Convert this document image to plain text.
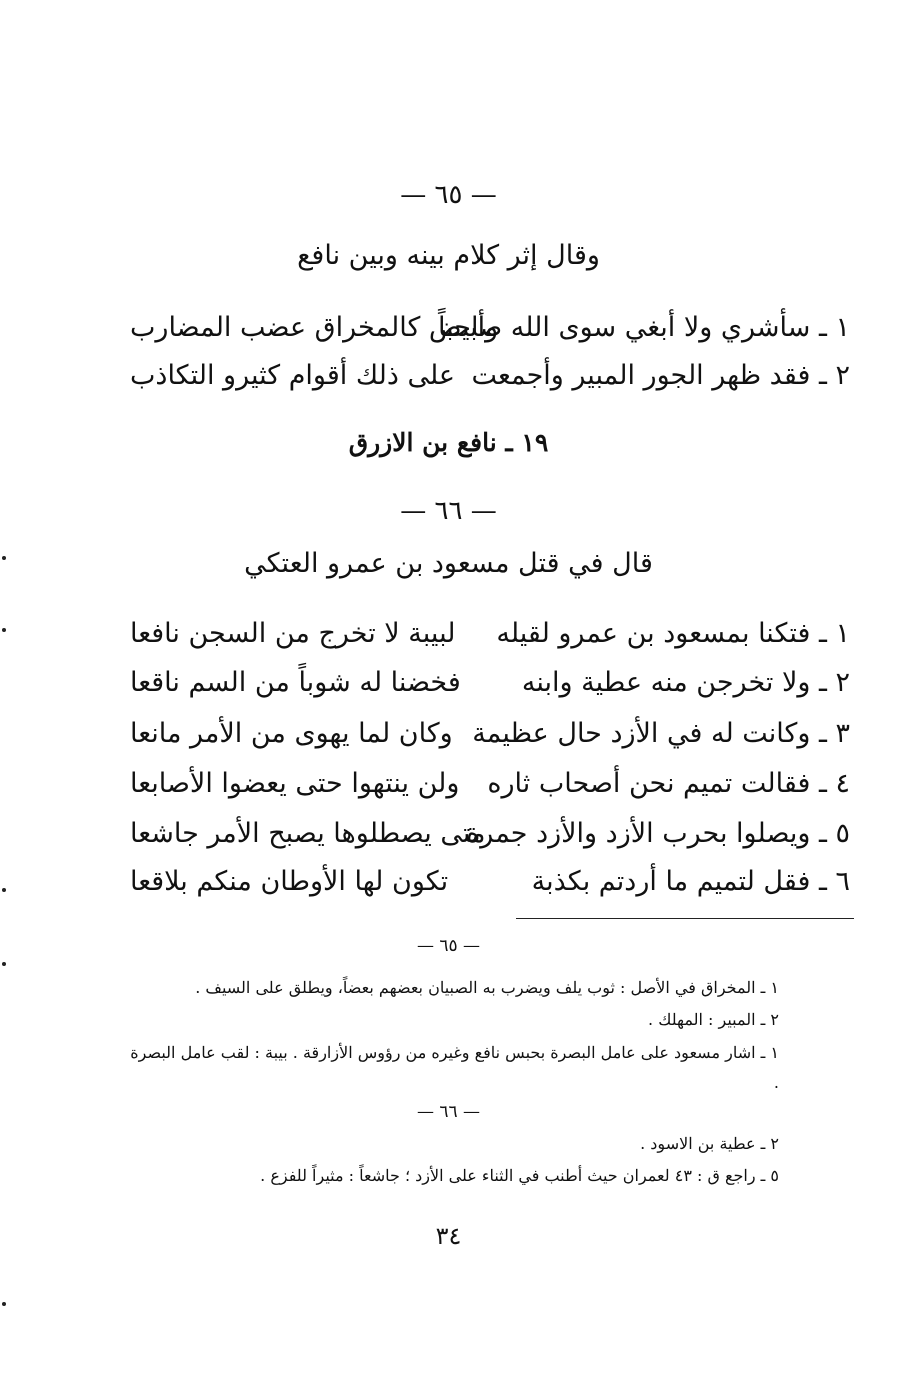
— ٦٥ —
وقال إثر كلام بينه وبين نافع
١ ـ سأشري ولا أبغي سوى الله صاحباً
وأبيض كالمخراق عضب المضارب
٢ ـ فقد ظهر الجور المبير وأجمعت
على ذلك أقوام كثيرو التكاذب
١٩ ـ نافع بن الازرق
— ٦٦ —
قال في قتل مسعود بن عمرو العتكي
١ ـ فتكنا بمسعود بن عمرو لقيله
لبيبة لا تخرج من السجن نافعا
٢ ـ ولا تخرجن منه عطية وابنه
فخضنا له شوباً من السم ناقعا
٣ ـ وكانت له في الأزد حال عظيمة
وكان لما يهوى من الأمر مانعا
٤ ـ فقالت تميم نحن أصحاب ثاره
ولن ينتهوا حتى يعضوا الأصابعا
٥ ـ ويصلوا بحرب الأزد والأزد جمرة
متى يصطلوها يصبح الأمر جاشعا
٦ ـ فقل لتميم ما أردتم بكذبة
تكون لها الأوطان منكم بلاقعا
— ٦٥ —
١ ـ المخراق في الأصل : ثوب يلف ويضرب به الصبيان بعضهم بعضاً، ويطلق على السيف .
٢ ـ المبير : المهلك .
١ ـ اشار مسعود على عامل البصرة بحبس نافع وغيره من رؤوس الأزارقة . بيبة : لقب عامل البصرة .
— ٦٦ —
٢ ـ عطية بن الاسود .
٥ ـ راجع ق : ٤٣ لعمران حيث أطنب في الثناء على الأزد ؛ جاشعاً : مثيراً للفزع .
٣٤
